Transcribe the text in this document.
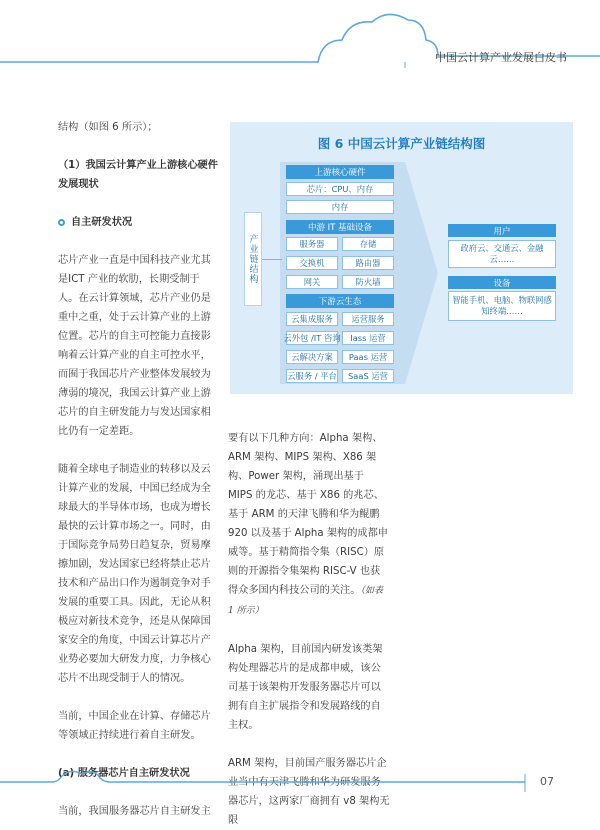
中国云计算产业发展白皮书
结构（如图 6 所示）；
（1）我国云计算产业上游核心硬件发展现状
自主研发状况
芯片产业一直是中国科技产业尤其是ICT 产业的软肋，长期受制于人。在云计算领域，芯片产业仍是重中之重，处于云计算产业的上游位置。芯片的自主可控能力直接影响着云计算产业的自主可控水平，而囿于我国芯片产业整体发展较为薄弱的境况，我国云计算产业上游芯片的自主研发能力与发达国家相比仍有一定差距。
随着全球电子制造业的转移以及云计算产业的发展，中国已经成为全球最大的半导体市场，也成为增长最快的云计算市场之一。同时，由于国际竞争局势日趋复杂，贸易摩擦加剧，发达国家已经将禁止芯片技术和产品出口作为遏制竞争对手发展的重要工具。因此，无论从积极应对新技术竞争，还是从保障国家安全的角度，中国云计算芯片产业势必要加大研发力度，力争核心芯片不出现受制于人的情况。
当前，中国企业在计算、存储芯片等领域正持续进行着自主研发。
(a) 服务器芯片自主研发状况
当前，我国服务器芯片自主研发主
要有以下几种方向：Alpha 架构、ARM 架构、MIPS 架构、X86 架构、Power 架构，涌现出基于 MIPS 的龙芯、基于 X86 的兆芯、基于 ARM 的天津飞腾和华为鲲鹏 920 以及基于 Alpha 架构的成都申威等。基于精简指令集（RISC）原则的开源指令集架构 RISC-V 也获得众多国内科技公司的关注。（如表 1 所示）
Alpha 架构，目前国内研发该类架构处理器芯片的是成都申威，该公司基于该架构开发服务器芯片可以拥有自主扩展指令和发展路线的自主权。
ARM 架构，目前国产服务器芯片企业当中有天津飞腾和华为研发服务器芯片，这两家厂商拥有 v8 架构无限
图 6 中国云计算产业链结构图
产业链结构
上游核心硬件
芯片：CPU、内存
内存
中游 IT 基础设备
服务器	存储
交换机	路由器
网关	防火墙
下游云生态
云集成服务	运营服务
云外包 /IT 咨询	Iass 运营
云解决方案	Paas 运营
云服务 / 平台	SaaS 运营
用户
政府云、交通云、金融云……
设备
智能手机、电脑、物联网感知终端……
07
